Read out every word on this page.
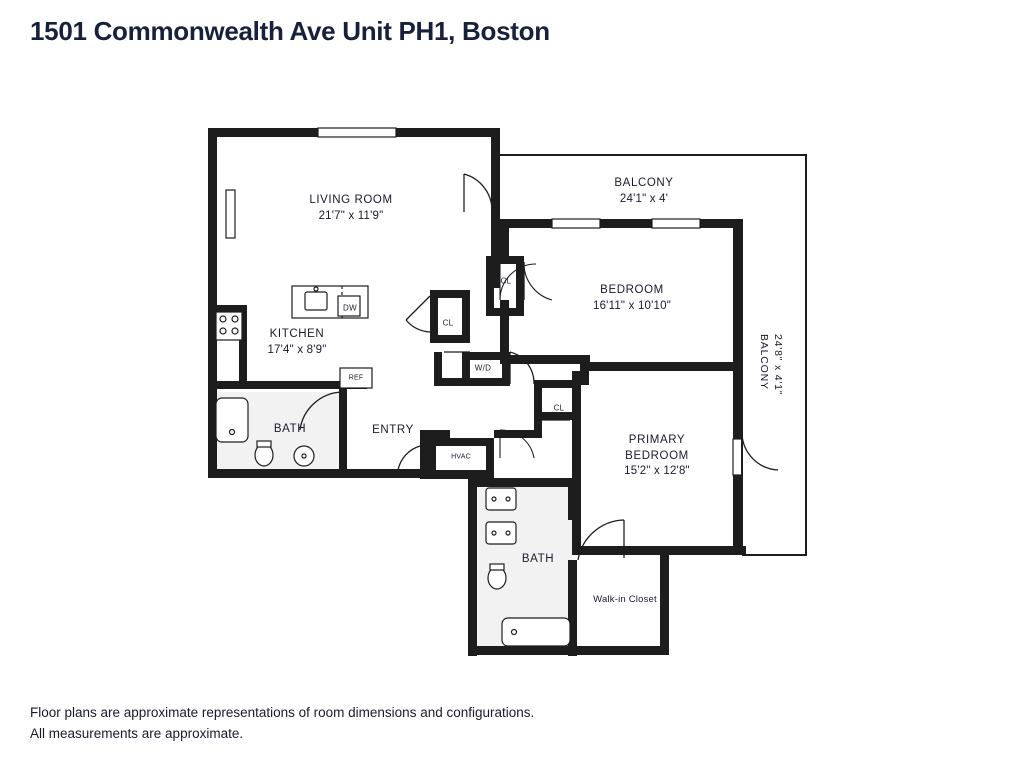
1501 Commonwealth Ave Unit PH1, Boston
LIVING ROOM
21'7" x 11'9"
KITCHEN
17'4" x 8'9"
BALCONY
24'1" x 4'
BEDROOM
16'11" x 10'10"
PRIMARY
BEDROOM
15'2" x 12'8"
BATH
BATH
ENTRY
Walk-in Closet
BALCONY 24'8" x 4'1"
CL
CL
CL
W/D
DW
REF
HVAC
Floor plans are approximate representations of room dimensions and configurations.
All measurements are approximate.
